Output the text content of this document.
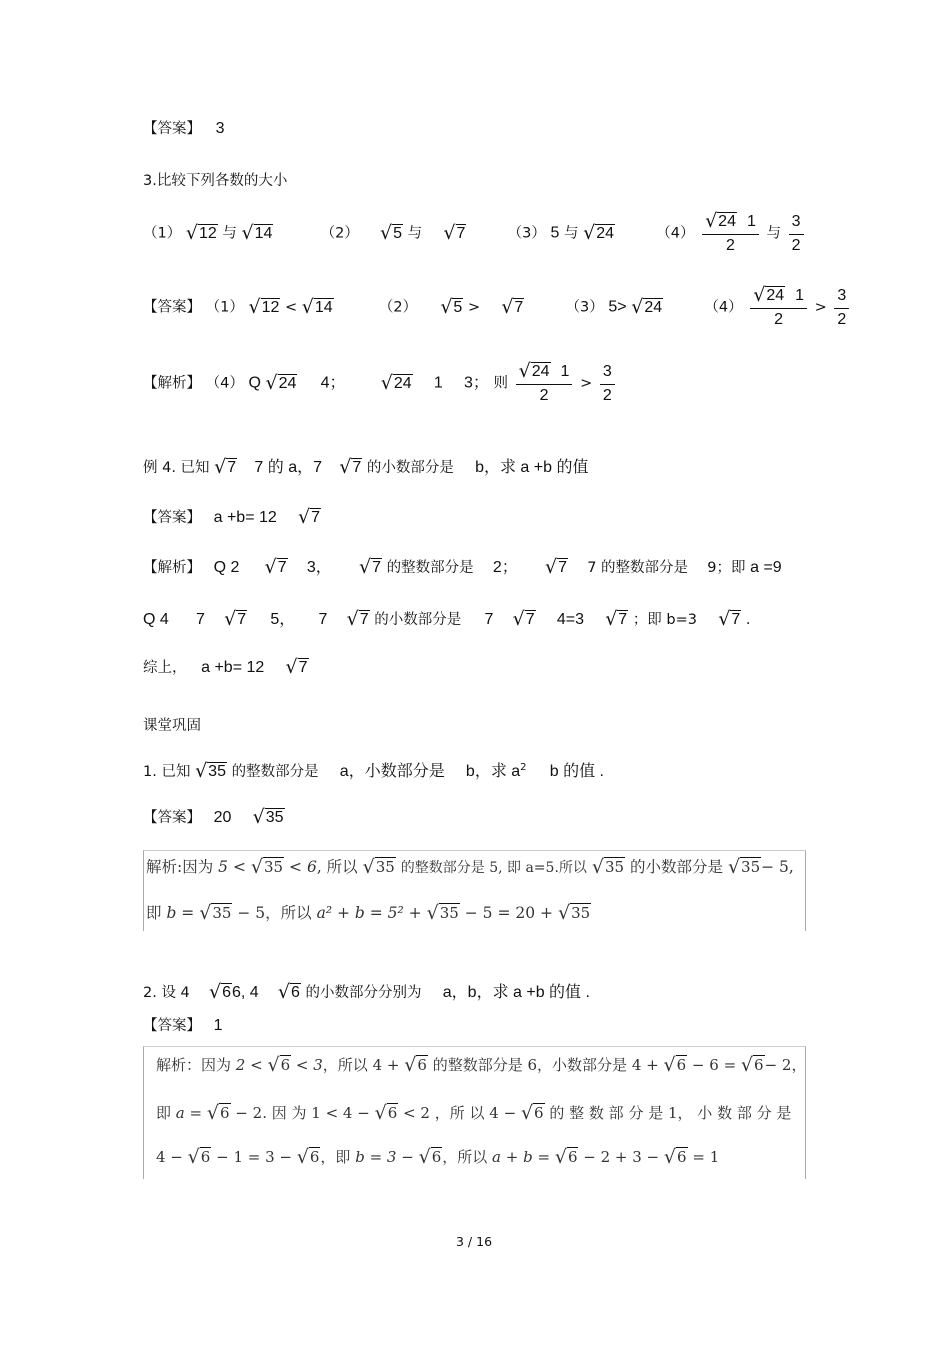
【答案】 3
3.比较下列各数的大小
（1） √12 与 √14	（2） √5 与 √7	（3） 5 与 √24	$(4) \frac{√24 1}{2}$ 与 $\frac{3}{2}$
【答案】 （1） √12 < √14	（2） √5 > √7	（3） 5> √24	$(4) \frac{√24 1}{2} > \frac{3}{2}$
【解析】 （4） Q √24 4； √24 1 3； 则 $\frac{√24 1}{2} > \frac{3}{2}$
例 4. 已知 √7 7 的 a，7 √7 的小数部分是 b，求 a +b 的值
【答案】 a +b= 12 √7
【解析】 Q 2 √7 3， √7 的整数部分是 2； √7 7 的整数部分是 9；即 a =9
Q 4 7 √7 5， 7 √7 的小数部分是 7 √7 4=3 √7 ；即 b=3 √7 .
综上， a +b= 12 √7
课堂巩固
1. 已知 √35 的整数部分是 a，小数部分是 b，求 $a^2$ b 的值 .
【答案】 20 √35
解析:因为 5 < √35 < 6, 所以 √35 的整数部分是 5, 即 a=5.所以 √35 的小数部分是 √35− 5,
即 b = √35 − 5，所以 a² + b = 5² + √35 − 5 = 20 + √35
2. 设 4 √66, 4 √6 的小数部分分别为 a，b，求 a +b 的值 .
【答案】 1
解析：因为 2 < √6 < 3，所以 4 + √6 的整数部分是 6，小数部分是 4 + √6 − 6 = √6− 2，
即 a = √6 − 2. 因 为 1 < 4 − √6 < 2 ，所 以 4 − √6 的 整 数 部 分 是 1， 小 数 部 分 是
4 − √6 − 1 = 3 − √6，即 b = 3 − √6，所以 a + b = √6 − 2 + 3 − √6 = 1
3 / 16
